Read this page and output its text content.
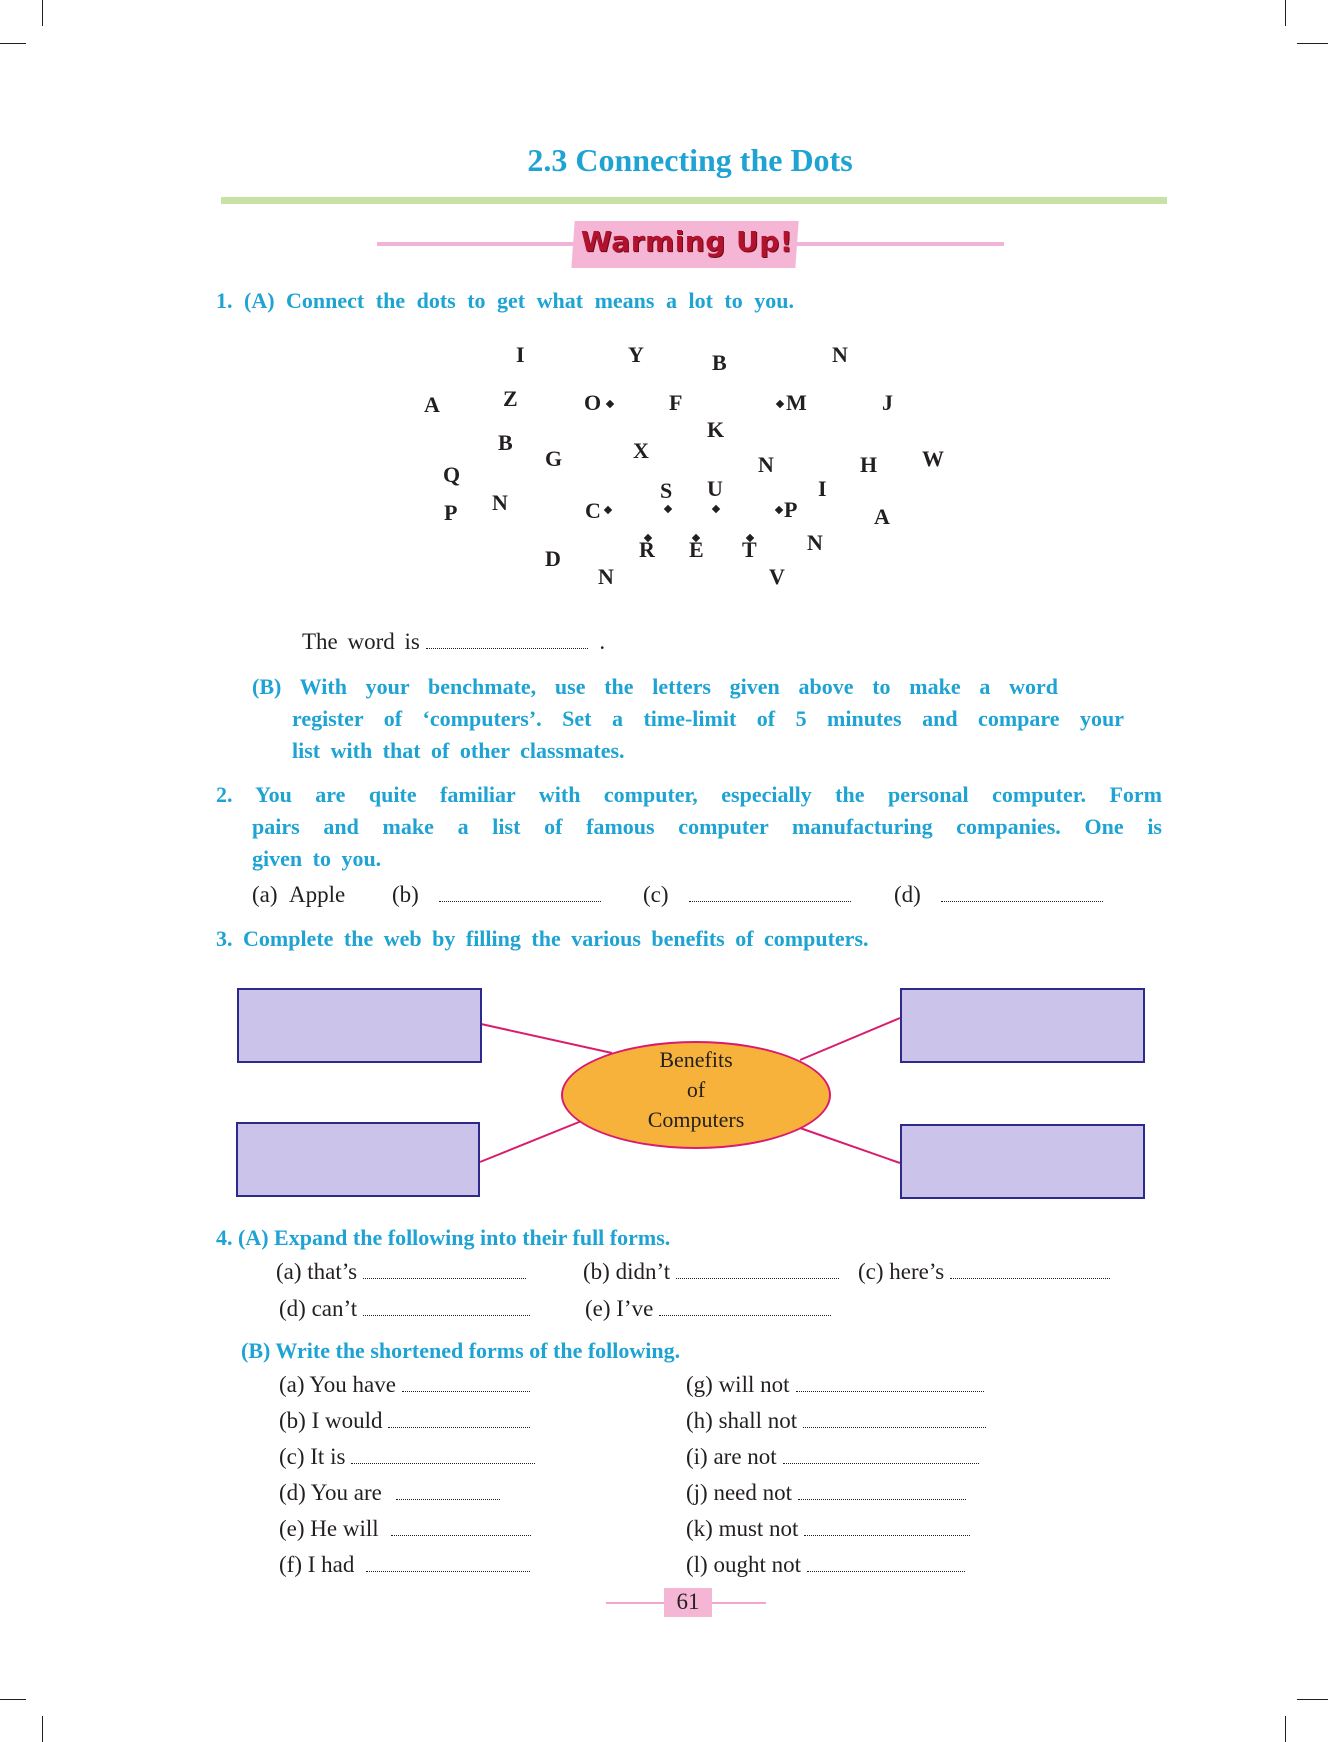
2.3 Connecting the Dots
Warming Up!
1. (A) Connect the dots to get what means a lot to you.
I	Y	B	N
A	Z	O	F
K
M	J
B
G	X
N	H W
Q
S U	I
P N	C	P	A
R E T N
D
N	V
The word is	.
(B) With your benchmate, use the letters given above to make a word
register of ‘computers’. Set a time-limit of 5 minutes and compare your
list with that of other classmates.
2. You are quite familiar with computer, especially the personal computer. Form
pairs and make a list of famous computer manufacturing companies. One is
given to you.
(a) Apple (b)	(c)	(d)
3. Complete the web by filling the various benefits of computers.
Benefits
of
Computers
4. (A) Expand the following into their full forms.
(a) that’s	(b) didn’t	(c) here’s
(d) can’t	(e) I’ve
(B) Write the shortened forms of the following.
(a) You have
(b) I would
(c) It is
(d) You are
(e) He will
(f) I had
(g) will not
(h) shall not
(i) are not
(j) need not
(k) must not
(l) ought not
61
